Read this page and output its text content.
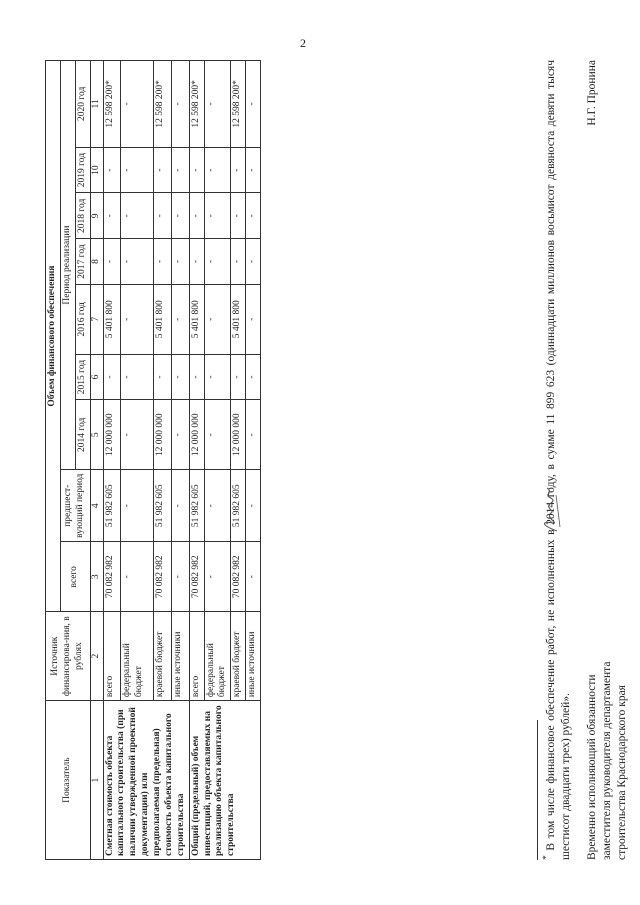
2
Показатель	Источник финансирова-ния, в рублях	Объем финансового обеспечения								
		всего	предшест-вующий период	Период реализации						
				2014 год	2015 год	2016 год	2017 год	2018 год	2019 год	2020 год
1	2	3	4	5	6	7	8	9	10	11
Сметная стоимость объекта капитального строительства (при наличии утвержденной проектной документации) или предполагаемая (предельная) стоимость объекта капитального строительства	всего	70 082 982	51 982 605	12 000 000	-	5 401 800	-	-	-	12 598 200*
	федеральный бюджет	-	-	-	-	-	-	-	-	-
	краевой бюджет	70 082 982	51 982 605	12 000 000	-	5 401 800	-	-	-	12 598 200*
	иные источники	-	-	-	-	-	-	-	-	-
Общий (предельный) объем инвестиций, предоставляемых на реализацию объекта капитального строительства	всего	70 082 982	51 982 605	12 000 000	-	5 401 800	-	-	-	12 598 200*
	федеральный бюджет	-	-	-	-	-	-	-	-	-
	краевой бюджет	70 082 982	51 982 605	12 000 000	-	5 401 800	-	-	-	12 598 200*
	иные источники	-	-	-	-	-	-	-	-	-

* В том числе финансовое обеспечение работ, не исполненных в 2014 году, в сумме 11 899 623 (одиннадцати миллионов восьмисот девяноста девяти тысяч шестисот двадцати трех) рублей». Временно исполняющий обязанности заместителя руководителя департамента строительства Краснодарского края
Н.Г. Пронина
